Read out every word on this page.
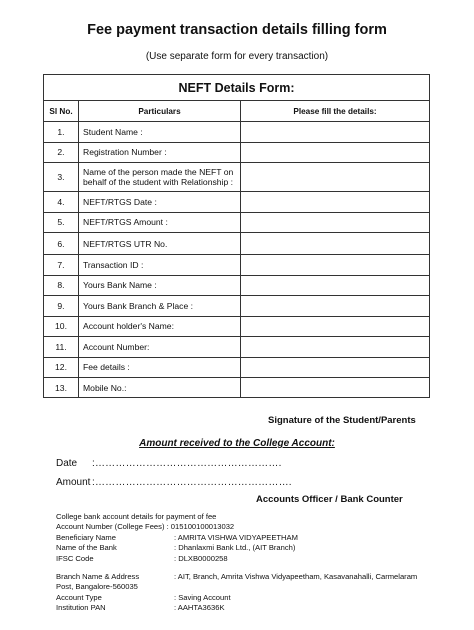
Fee payment transaction details filling form
(Use separate form for every transaction)
NEFT Details Form:		
Sl No.	Particulars	Please fill the details:
1.	Student Name :	
2.	Registration Number :	
3.	Name of the person made the NEFT on behalf of the student with Relationship :	
4.	NEFT/RTGS Date :	
5.	NEFT/RTGS Amount :	
6.	NEFT/RTGS UTR No.	
7.	Transaction ID :	
8.	Yours Bank Name :	
9.	Yours Bank Branch & Place :	
10.	Account holder's Name:	
11.	Account Number:	
12.	Fee details :	
13.	Mobile No.:	
Signature of the Student/Parents
Amount received to the College Account:
Date :……………………………………………….
Amount :………………………………………………….
Accounts Officer / Bank Counter
College bank account details for payment of fee
Account Number (College Fees) : 015100100013032
Beneficiary Name	: AMRITA VISHWA VIDYAPEETHAM
Name of the Bank	: Dhanlaxmi Bank Ltd., (AIT Branch)
IFSC Code	: DLXB0000258
Branch Name & Address	: AIT, Branch, Amrita Vishwa Vidyapeetham, Kasavanahalli, Carmelaram
Post, Bangalore-560035
Account Type	: Saving Account
Institution PAN	: AAHTA3636K
